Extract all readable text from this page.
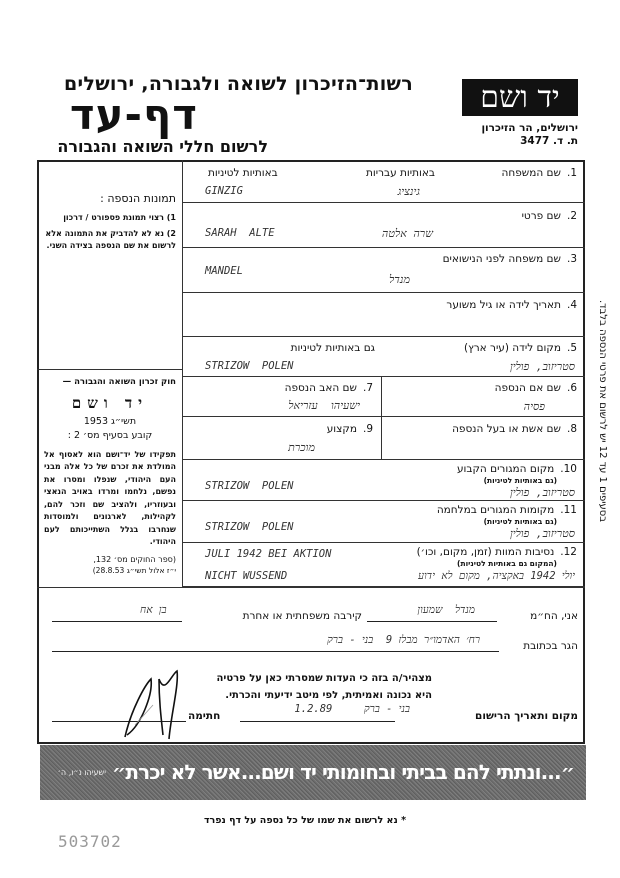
רשות־הזיכרון לשואה ולגבורה, ירושלים
דף-עד
לרשום חללי השואה והגבורה
יד ושם
ירושלים, הר הזיכרון
ת. ד. 3477
תמונות הנספה :
1) רצוי תמונת פספורט / דרכון
2) נא לא להדביק את התמונה אלא לרשום את שם הנספה בצידה השני.
חוק זכרון השואה והגבורה —
יד ושם
תשי״ג 1953
קובע בסעיף מס׳ 2 :
תפקידו של יד־ושם הוא לאסוף אל המולדת את זכרם של כל אלה מבני העם היהודי, שנפלו ומסרו את נפשם, נלחמו ומרדו באויב הנאצי ובעוזריו, ולהציב שם וזכר להם, לקהילות, לארגונים ולמוסדות שנחרבו בגלל השתייכותם לעם היהודי.
(ספר החוקים מס׳ 132,
י״ז אלול תשי״ג 28.8.53)
1.שם המשפחה
באותיות עבריות
באותיות לטיניות
גינציג
GINZIG
2.שם פרטי
שרה אלטה
SARAH  ALTE
3.שם משפחה לפני הנישואים
מנדל
MANDEL
4.תאריך לידה או גיל משוער
5.מקום לידה (עיר ארץ)
גם באותיות לטיניות
סטריזוב, פולין
STRIZOW  POLEN
6.שם אם הנספה
פסיה
7.שם האב הנספה
ישעיהו  עזריאל
8.שם אשת או בעל הנספה
9.מקצוע
מוכרת
10.מקום המגורים הקבוע
(גם באותיות לטיניות)
סטריזוב, פולין
STRIZOW  POLEN
11.מקומות המגורים במלחמה
(גם באותיות לטיניות)
סטריזוב, פולין
STRIZOW  POLEN
12.נסיבות המוות (זמן, מקום, וכו׳)
(המקום גם באותיות לטיניות)
יולי 1942 באקציה, מקום לא ידוע
JULI 1942 BEI AKTION
NICHT WUSSEND
אני, הח״מ
מנדל  שמעון
קירבה משפחתית או אחרת
בן אח
הגר בכתובת
רח׳ האדמו״ר מבלז 9  בני - ברק
מצהיר/ה בזה כי העדות שמסרתי כאן על פרטיה
היא נכונה ואמיתית, לפי מיטב ידיעתי והכרתי.
מקום ותאריך הרישום
בני - ברק     1.2.89
חתימה
״...ונתתי להם בביתי ובחומותי יד ושם...אשר לא יכרת״
ישעיהו נ״ו, ה׳
* נא לרשום את שמו של כל נספה על דף נפרד
503702
בסעיפים 1 עד 12 יש לרשום את פרטי הנספה בלבד.
